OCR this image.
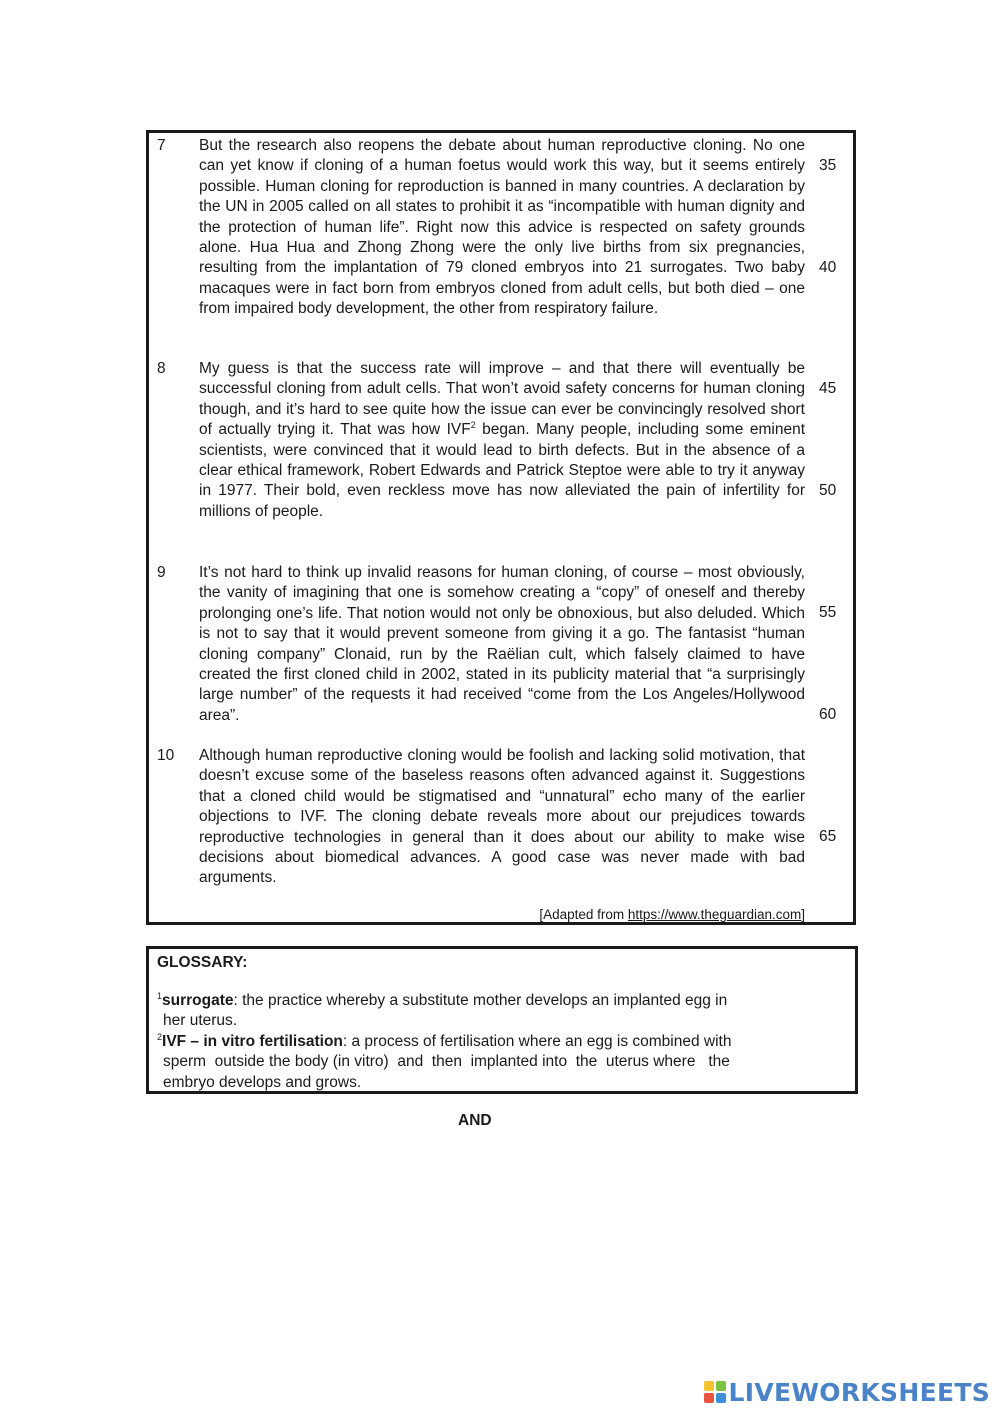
7 But the research also reopens the debate about human reproductive cloning. No one can yet know if cloning of a human foetus would work this way, but it seems entirely possible. Human cloning for reproduction is banned in many countries. A declaration by the UN in 2005 called on all states to prohibit it as “incompatible with human dignity and the protection of human life”. Right now this advice is respected on safety grounds alone. Hua Hua and Zhong Zhong were the only live births from six pregnancies, resulting from the implantation of 79 cloned embryos into 21 surrogates. Two baby macaques were in fact born from embryos cloned from adult cells, but both died – one from impaired body development, the other from respiratory failure.

8 My guess is that the success rate will improve – and that there will eventually be successful cloning from adult cells. That won’t avoid safety concerns for human cloning though, and it’s hard to see quite how the issue can ever be convincingly resolved short of actually trying it. That was how IVF$^2$ began. Many people, including some eminent scientists, were convinced that it would lead to birth defects. But in the absence of a clear ethical framework, Robert Edwards and Patrick Steptoe were able to try it anyway in 1977. Their bold, even reckless move has now alleviated the pain of infertility for millions of people.

9 It’s not hard to think up invalid reasons for human cloning, of course – most obviously, the vanity of imagining that one is somehow creating a “copy” of oneself and thereby prolonging one’s life. That notion would not only be obnoxious, but also deluded. Which is not to say that it would prevent someone from giving it a go. The fantasist “human cloning company” Clonaid, run by the Raëlian cult, which falsely claimed to have created the first cloned child in 2002, stated in its publicity material that “a surprisingly large number” of the requests it had received “come from the Los Angeles/Hollywood area”.

10 Although human reproductive cloning would be foolish and lacking solid motivation, that doesn’t excuse some of the baseless reasons often advanced against it. Suggestions that a cloned child would be stigmatised and “unnatural” echo many of the earlier objections to IVF. The cloning debate reveals more about our prejudices towards reproductive technologies in general than it does about our ability to make wise decisions about biomedical advances. A good case was never made with bad arguments.

35
40
45
50
55
60
65
[Adapted from https://www.theguardian.com]
GLOSSARY:
$^1$surrogate: the practice whereby a substitute mother develops an implanted egg in
her uterus.
$^2$IVF – in vitro fertilisation: a process of fertilisation where an egg is combined with
sperm  outside the body (in vitro)  and  then  implanted into  the  uterus where   the
embryo develops and grows.
AND
LIVEWORKSHEETS
